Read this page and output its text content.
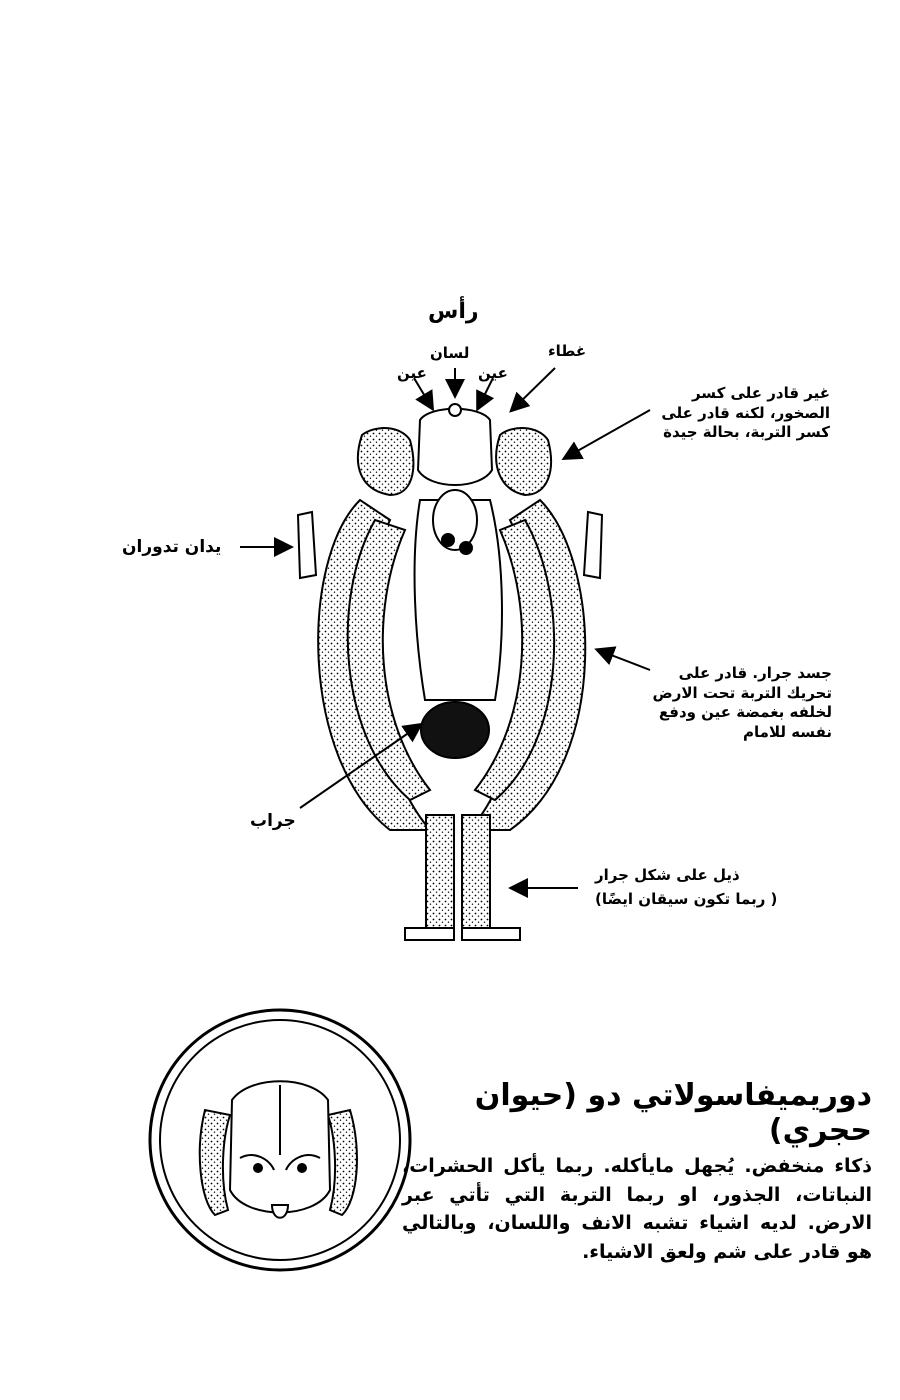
رأس
لسان
عين	عين
غطاء
غير قادر على كسر الصخور، لكنه قادر على كسر التربة، بحالة جيدة
يدان تدوران
جسد جرار. قادر على تحريك التربة تحت الارض لخلفه بغمضة عين ودفع نفسه للامام
جراب
ذيل على شكل جرار
( ربما تكون سيقان ايضًا)
دوريميفاسولاتي دو (حيوان حجري)
ذكاء منخفض. يُجهل مايأكله. ربما يأكل الحشرات، النباتات، الجذور، او ربما التربة التي تأتي عبر الارض. لديه اشياء تشبه الانف واللسان، وبالتالي هو قادر على شم ولعق الاشياء.
